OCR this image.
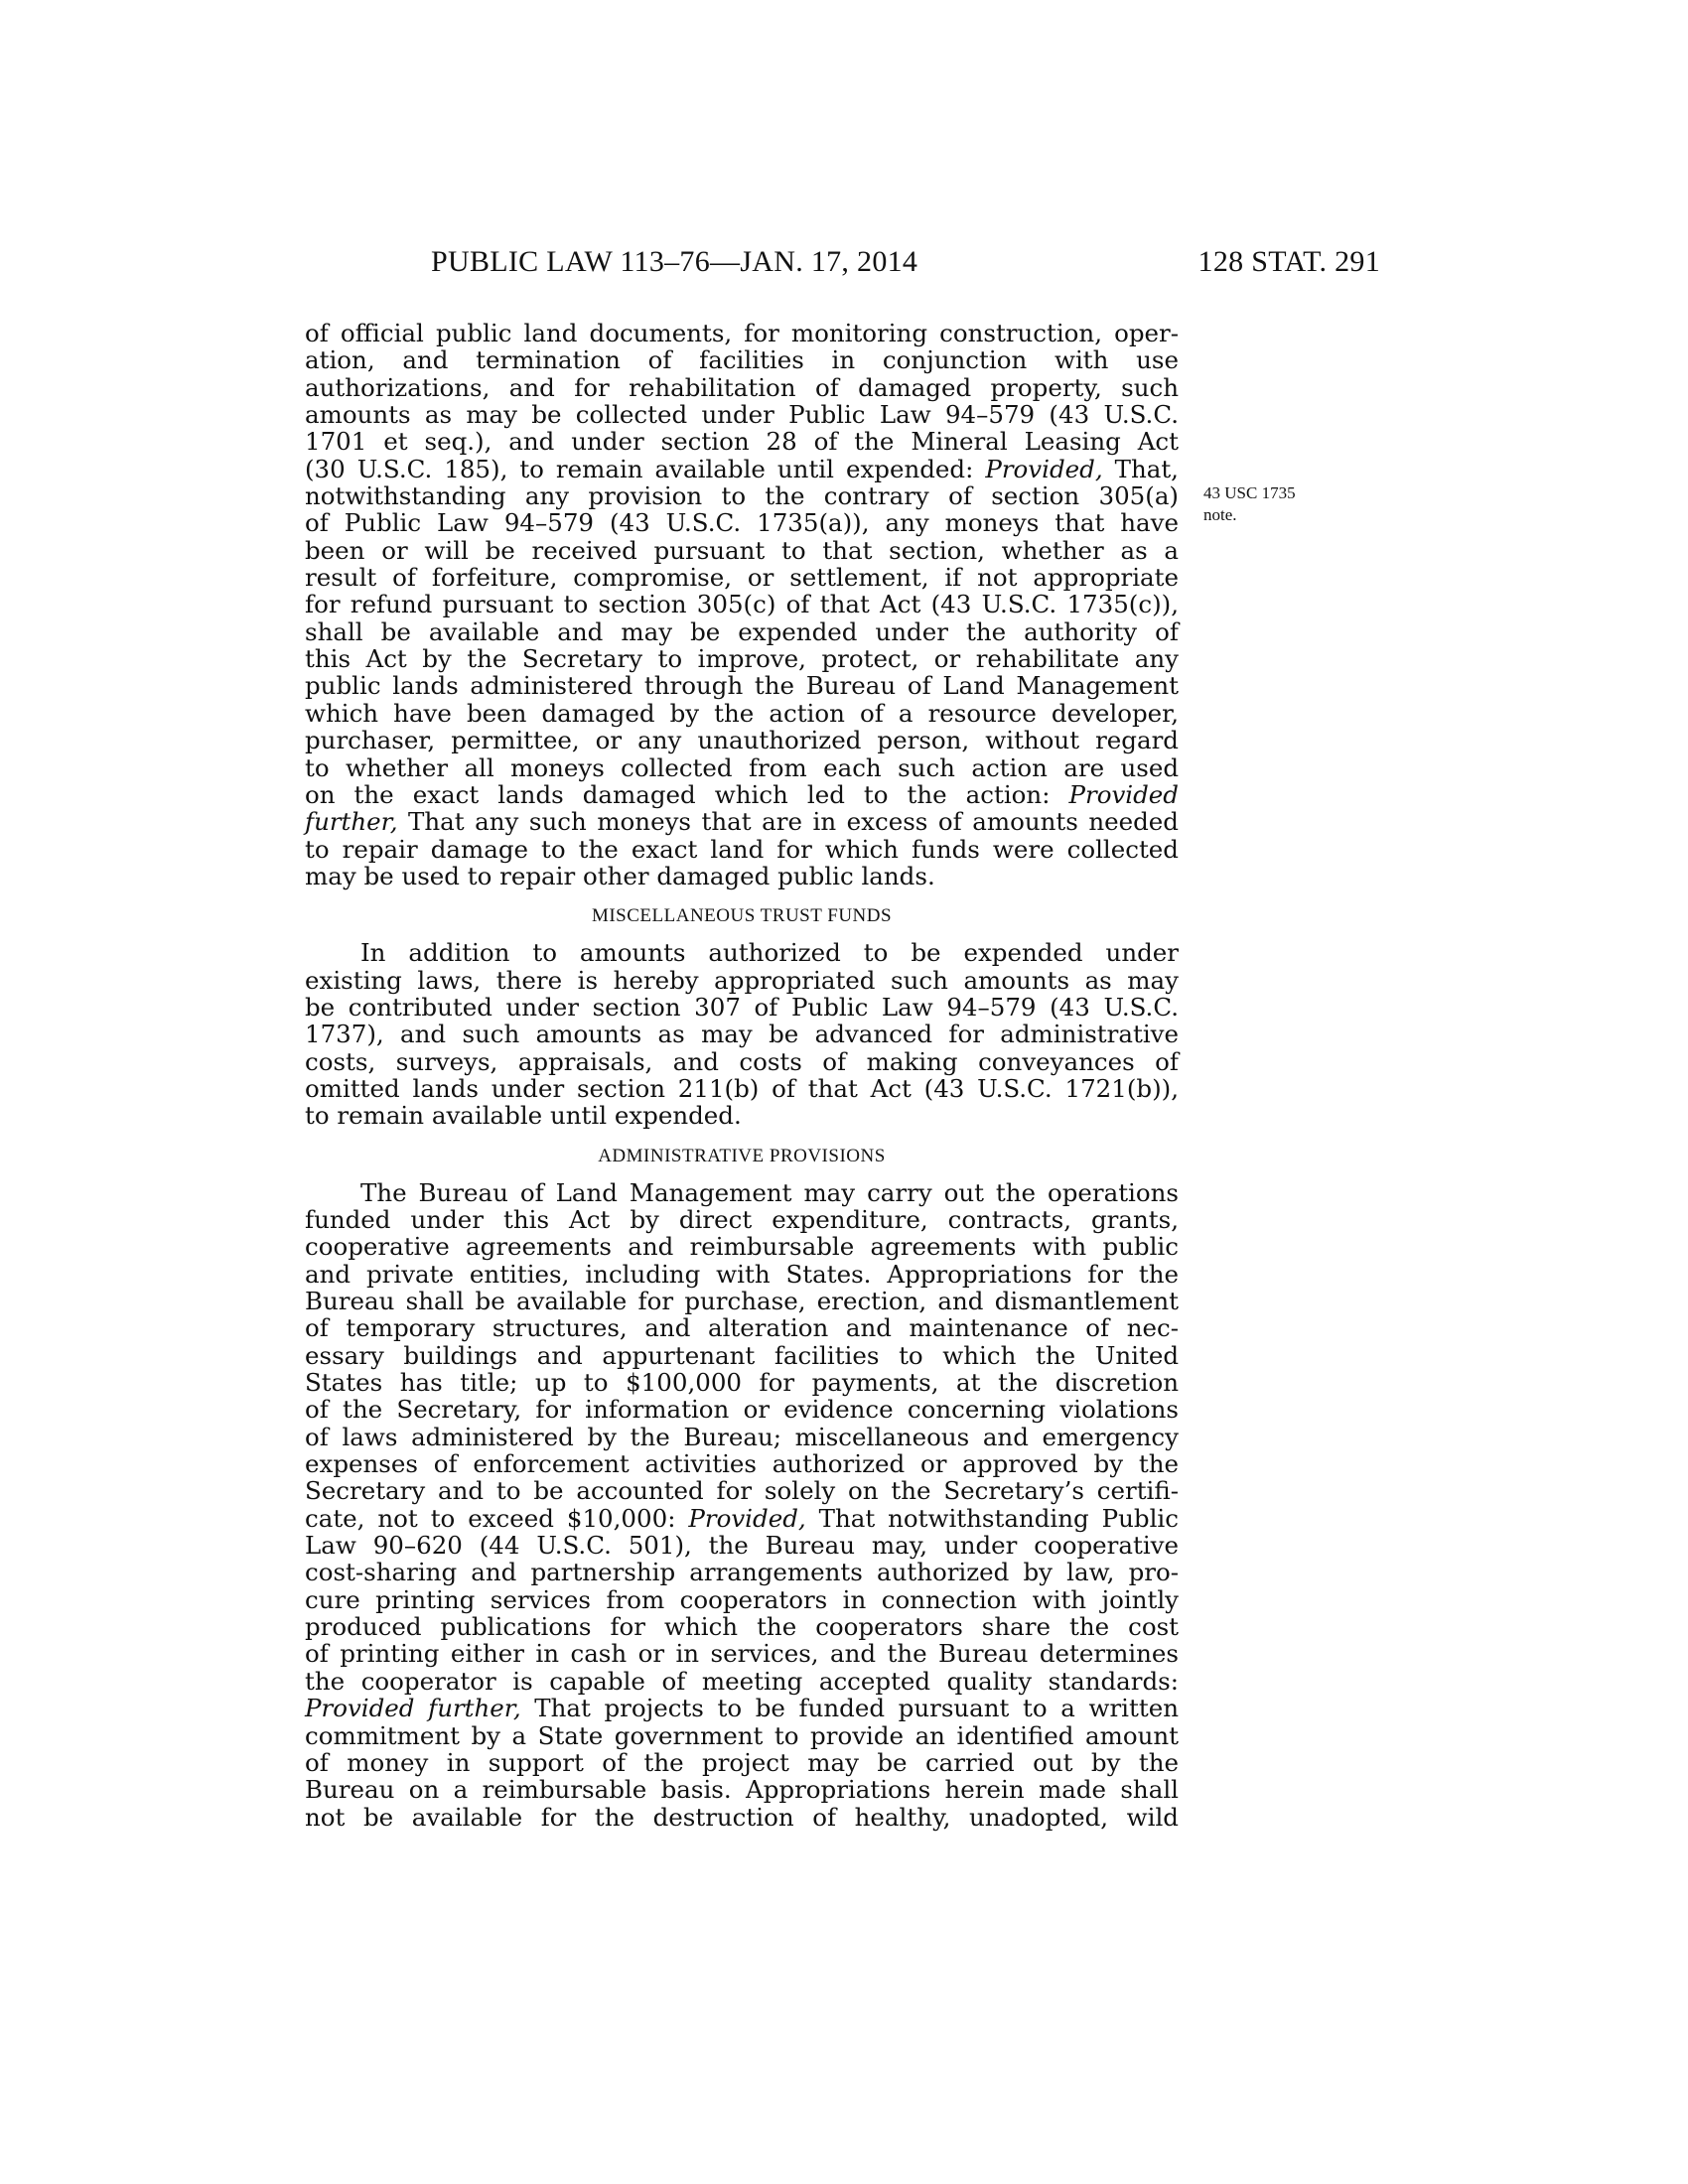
PUBLIC LAW 113–76—JAN. 17, 2014	128 STAT. 291
43 USC 1735
note.
of official public land documents, for monitoring construction, oper-
ation, and termination of facilities in conjunction with use
authorizations, and for rehabilitation of damaged property, such
amounts as may be collected under Public Law 94–579 (43 U.S.C.
1701 et seq.), and under section 28 of the Mineral Leasing Act
(30 U.S.C. 185), to remain available until expended: Provided, That,
notwithstanding any provision to the contrary of section 305(a)
of Public Law 94–579 (43 U.S.C. 1735(a)), any moneys that have
been or will be received pursuant to that section, whether as a
result of forfeiture, compromise, or settlement, if not appropriate
for refund pursuant to section 305(c) of that Act (43 U.S.C. 1735(c)),
shall be available and may be expended under the authority of
this Act by the Secretary to improve, protect, or rehabilitate any
public lands administered through the Bureau of Land Management
which have been damaged by the action of a resource developer,
purchaser, permittee, or any unauthorized person, without regard
to whether all moneys collected from each such action are used
on the exact lands damaged which led to the action: Provided
further, That any such moneys that are in excess of amounts needed
to repair damage to the exact land for which funds were collected
may be used to repair other damaged public lands.
MISCELLANEOUS TRUST FUNDS
In addition to amounts authorized to be expended under
existing laws, there is hereby appropriated such amounts as may
be contributed under section 307 of Public Law 94–579 (43 U.S.C.
1737), and such amounts as may be advanced for administrative
costs, surveys, appraisals, and costs of making conveyances of
omitted lands under section 211(b) of that Act (43 U.S.C. 1721(b)),
to remain available until expended.
ADMINISTRATIVE PROVISIONS
The Bureau of Land Management may carry out the operations
funded under this Act by direct expenditure, contracts, grants,
cooperative agreements and reimbursable agreements with public
and private entities, including with States. Appropriations for the
Bureau shall be available for purchase, erection, and dismantlement
of temporary structures, and alteration and maintenance of nec-
essary buildings and appurtenant facilities to which the United
States has title; up to $100,000 for payments, at the discretion
of the Secretary, for information or evidence concerning violations
of laws administered by the Bureau; miscellaneous and emergency
expenses of enforcement activities authorized or approved by the
Secretary and to be accounted for solely on the Secretary’s certifi-
cate, not to exceed $10,000: Provided, That notwithstanding Public
Law 90–620 (44 U.S.C. 501), the Bureau may, under cooperative
cost-sharing and partnership arrangements authorized by law, pro-
cure printing services from cooperators in connection with jointly
produced publications for which the cooperators share the cost
of printing either in cash or in services, and the Bureau determines
the cooperator is capable of meeting accepted quality standards:
Provided further, That projects to be funded pursuant to a written
commitment by a State government to provide an identified amount
of money in support of the project may be carried out by the
Bureau on a reimbursable basis. Appropriations herein made shall
not be available for the destruction of healthy, unadopted, wild
